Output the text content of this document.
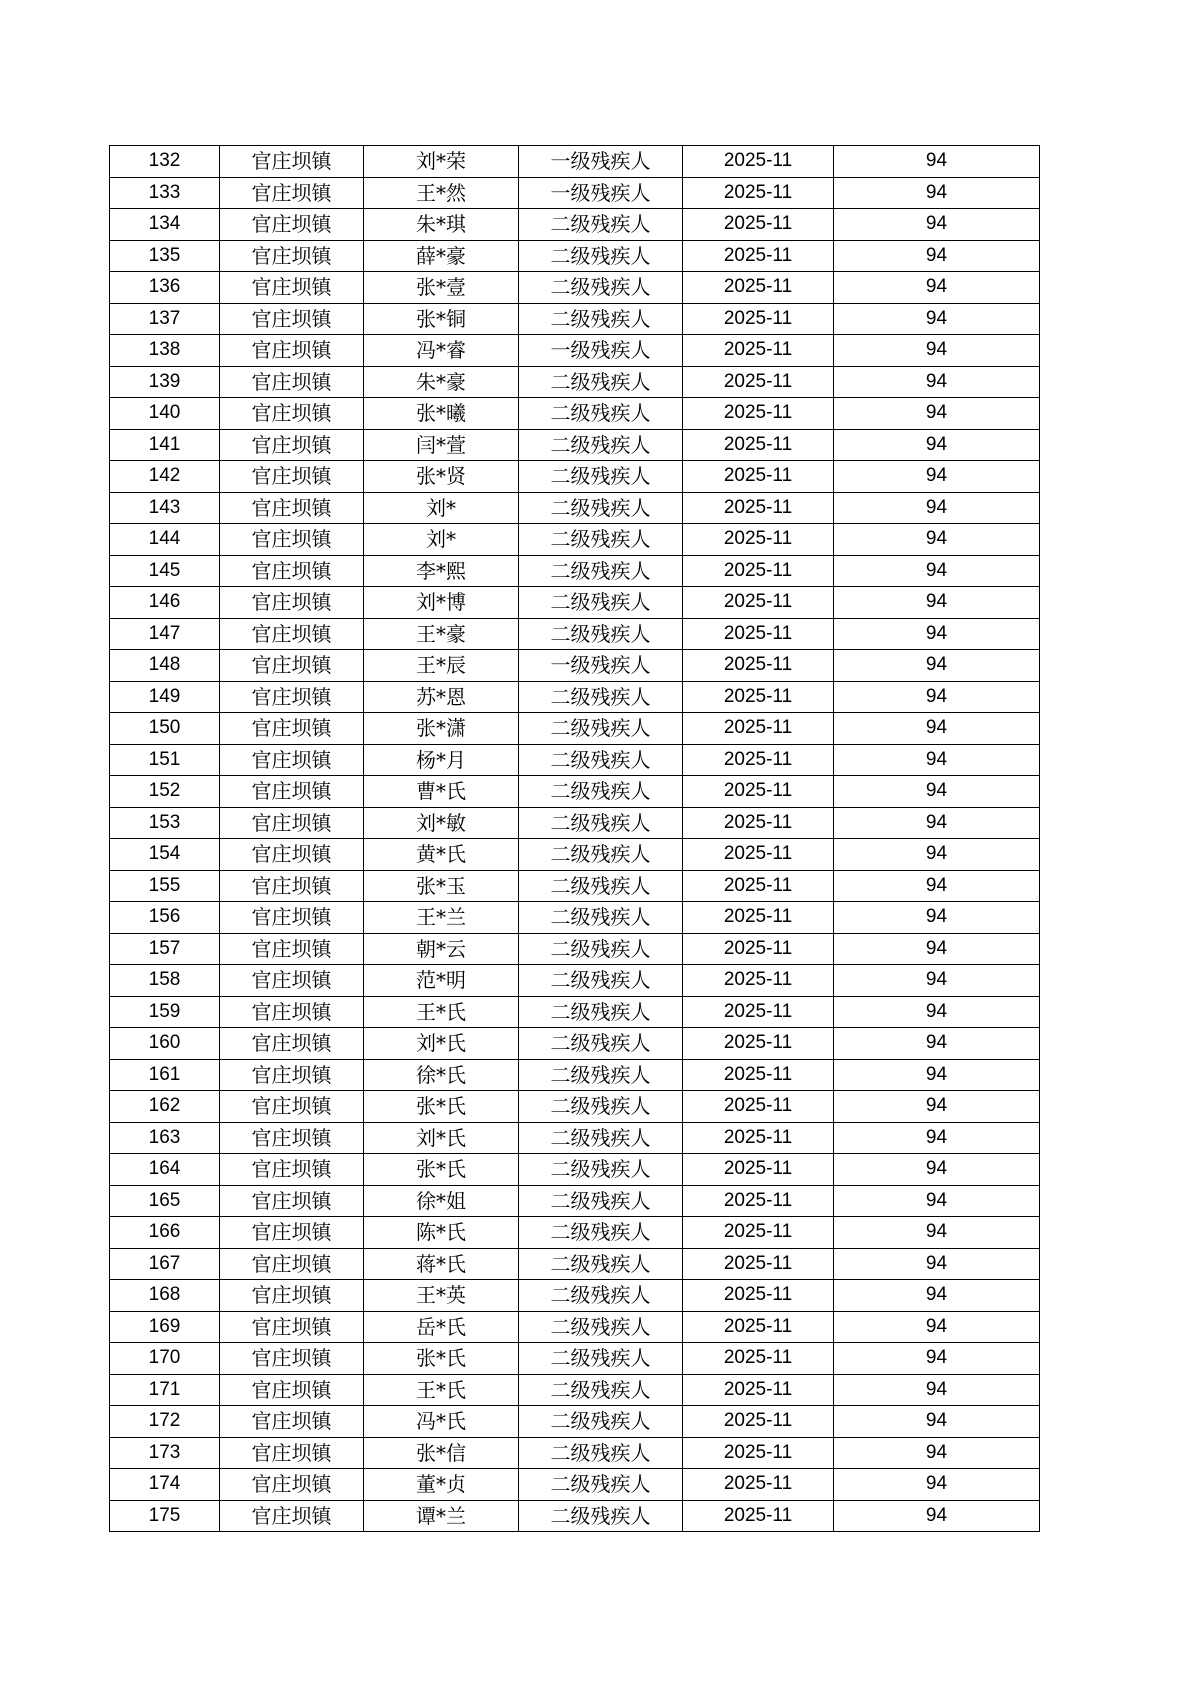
132	官庄坝镇	刘*荣	一级残疾人	2025-11	94
133	官庄坝镇	王*然	一级残疾人	2025-11	94
134	官庄坝镇	朱*琪	二级残疾人	2025-11	94
135	官庄坝镇	薛*豪	二级残疾人	2025-11	94
136	官庄坝镇	张*壹	二级残疾人	2025-11	94
137	官庄坝镇	张*铜	二级残疾人	2025-11	94
138	官庄坝镇	冯*睿	一级残疾人	2025-11	94
139	官庄坝镇	朱*豪	二级残疾人	2025-11	94
140	官庄坝镇	张*曦	二级残疾人	2025-11	94
141	官庄坝镇	闫*萱	二级残疾人	2025-11	94
142	官庄坝镇	张*贤	二级残疾人	2025-11	94
143	官庄坝镇	刘*	二级残疾人	2025-11	94
144	官庄坝镇	刘*	二级残疾人	2025-11	94
145	官庄坝镇	李*熙	二级残疾人	2025-11	94
146	官庄坝镇	刘*博	二级残疾人	2025-11	94
147	官庄坝镇	王*豪	二级残疾人	2025-11	94
148	官庄坝镇	王*辰	一级残疾人	2025-11	94
149	官庄坝镇	苏*恩	二级残疾人	2025-11	94
150	官庄坝镇	张*潇	二级残疾人	2025-11	94
151	官庄坝镇	杨*月	二级残疾人	2025-11	94
152	官庄坝镇	曹*氏	二级残疾人	2025-11	94
153	官庄坝镇	刘*敏	二级残疾人	2025-11	94
154	官庄坝镇	黄*氏	二级残疾人	2025-11	94
155	官庄坝镇	张*玉	二级残疾人	2025-11	94
156	官庄坝镇	王*兰	二级残疾人	2025-11	94
157	官庄坝镇	朝*云	二级残疾人	2025-11	94
158	官庄坝镇	范*明	二级残疾人	2025-11	94
159	官庄坝镇	王*氏	二级残疾人	2025-11	94
160	官庄坝镇	刘*氏	二级残疾人	2025-11	94
161	官庄坝镇	徐*氏	二级残疾人	2025-11	94
162	官庄坝镇	张*氏	二级残疾人	2025-11	94
163	官庄坝镇	刘*氏	二级残疾人	2025-11	94
164	官庄坝镇	张*氏	二级残疾人	2025-11	94
165	官庄坝镇	徐*姐	二级残疾人	2025-11	94
166	官庄坝镇	陈*氏	二级残疾人	2025-11	94
167	官庄坝镇	蒋*氏	二级残疾人	2025-11	94
168	官庄坝镇	王*英	二级残疾人	2025-11	94
169	官庄坝镇	岳*氏	二级残疾人	2025-11	94
170	官庄坝镇	张*氏	二级残疾人	2025-11	94
171	官庄坝镇	王*氏	二级残疾人	2025-11	94
172	官庄坝镇	冯*氏	二级残疾人	2025-11	94
173	官庄坝镇	张*信	二级残疾人	2025-11	94
174	官庄坝镇	董*贞	二级残疾人	2025-11	94
175	官庄坝镇	谭*兰	二级残疾人	2025-11	94
